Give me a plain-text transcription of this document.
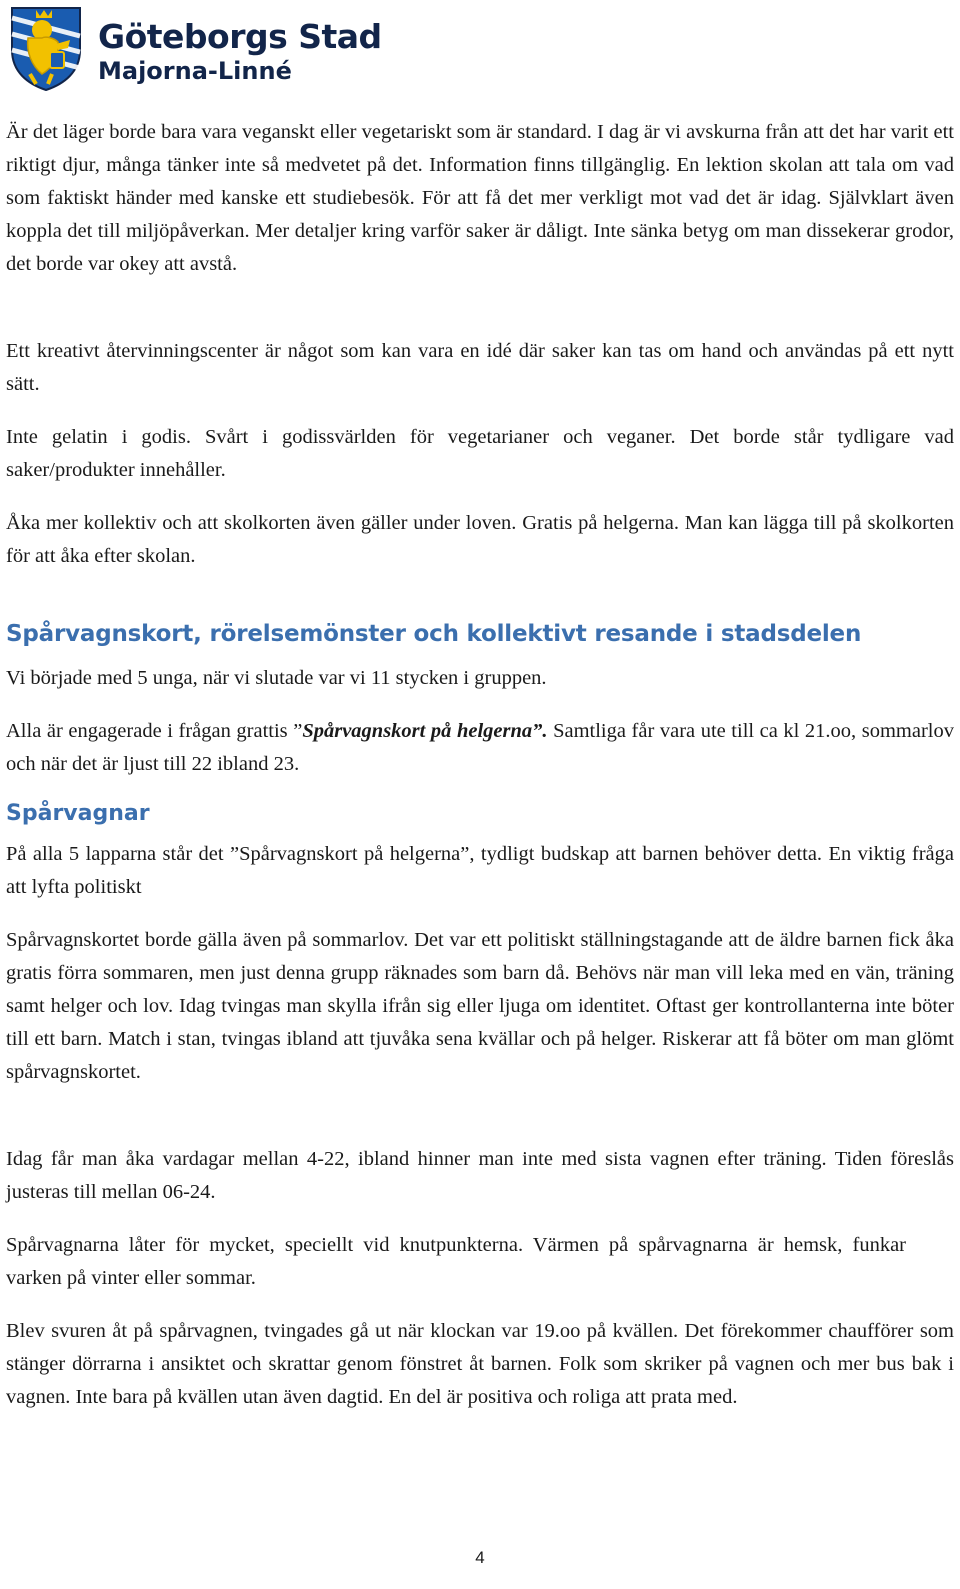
Göteborgs Stad
Majorna-Linné

Är det läger borde bara vara veganskt eller vegetariskt som är standard. I dag är vi avskurna från att det har varit ett riktigt djur, många tänker inte så medvetet på det. Information finns tillgänglig. En lektion skolan att tala om vad som faktiskt händer med kanske ett studiebesök. För att få det mer verkligt mot vad det är idag. Självklart även koppla det till miljöpåverkan. Mer detaljer kring varför saker är dåligt. Inte sänka betyg om man dissekerar grodor, det borde var okey att avstå.

Ett kreativt återvinningscenter är något som kan vara en idé där saker kan tas om hand och användas på ett nytt sätt.

Inte gelatin i godis. Svårt i godissvärlden för vegetarianer och veganer. Det borde står tydligare vad saker/produkter innehåller.

Åka mer kollektiv och att skolkorten även gäller under loven. Gratis på helgerna. Man kan lägga till på skolkorten för att åka efter skolan.

Spårvagnskort, rörelsemönster och kollektivt resande i stadsdelen

Vi började med 5 unga, när vi slutade var vi 11 stycken i gruppen.

Alla är engagerade i frågan grattis ”Spårvagnskort på helgerna”. Samtliga får vara ute till ca kl 21.oo, sommarlov och när det är ljust till 22 ibland 23.

Spårvagnar

På alla 5 lapparna står det ”Spårvagnskort på helgerna”, tydligt budskap att barnen behöver detta. En viktig fråga att lyfta politiskt

Spårvagnskortet borde gälla även på sommarlov. Det var ett politiskt ställningstagande att de äldre barnen fick åka gratis förra sommaren, men just denna grupp räknades som barn då. Behövs när man vill leka med en vän, träning samt helger och lov. Idag tvingas man skylla ifrån sig eller ljuga om identitet. Oftast ger kontrollanterna inte böter till ett barn. Match i stan, tvingas ibland att tjuvåka sena kvällar och på helger. Riskerar att få böter om man glömt spårvagnskortet.

Idag får man åka vardagar mellan 4-22, ibland hinner man inte med sista vagnen efter träning. Tiden föreslås justeras till mellan 06-24.

Spårvagnarna låter för mycket, speciellt vid knutpunkterna. Värmen på spårvagnarna är hemsk, funkar varken på vinter eller sommar.

Blev svuren åt på spårvagnen, tvingades gå ut när klockan var 19.oo på kvällen. Det förekommer chaufförer som stänger dörrarna i ansiktet och skrattar genom fönstret åt barnen. Folk som skriker på vagnen och mer bus bak i vagnen. Inte bara på kvällen utan även dagtid. En del är positiva och roliga att prata med.

4
